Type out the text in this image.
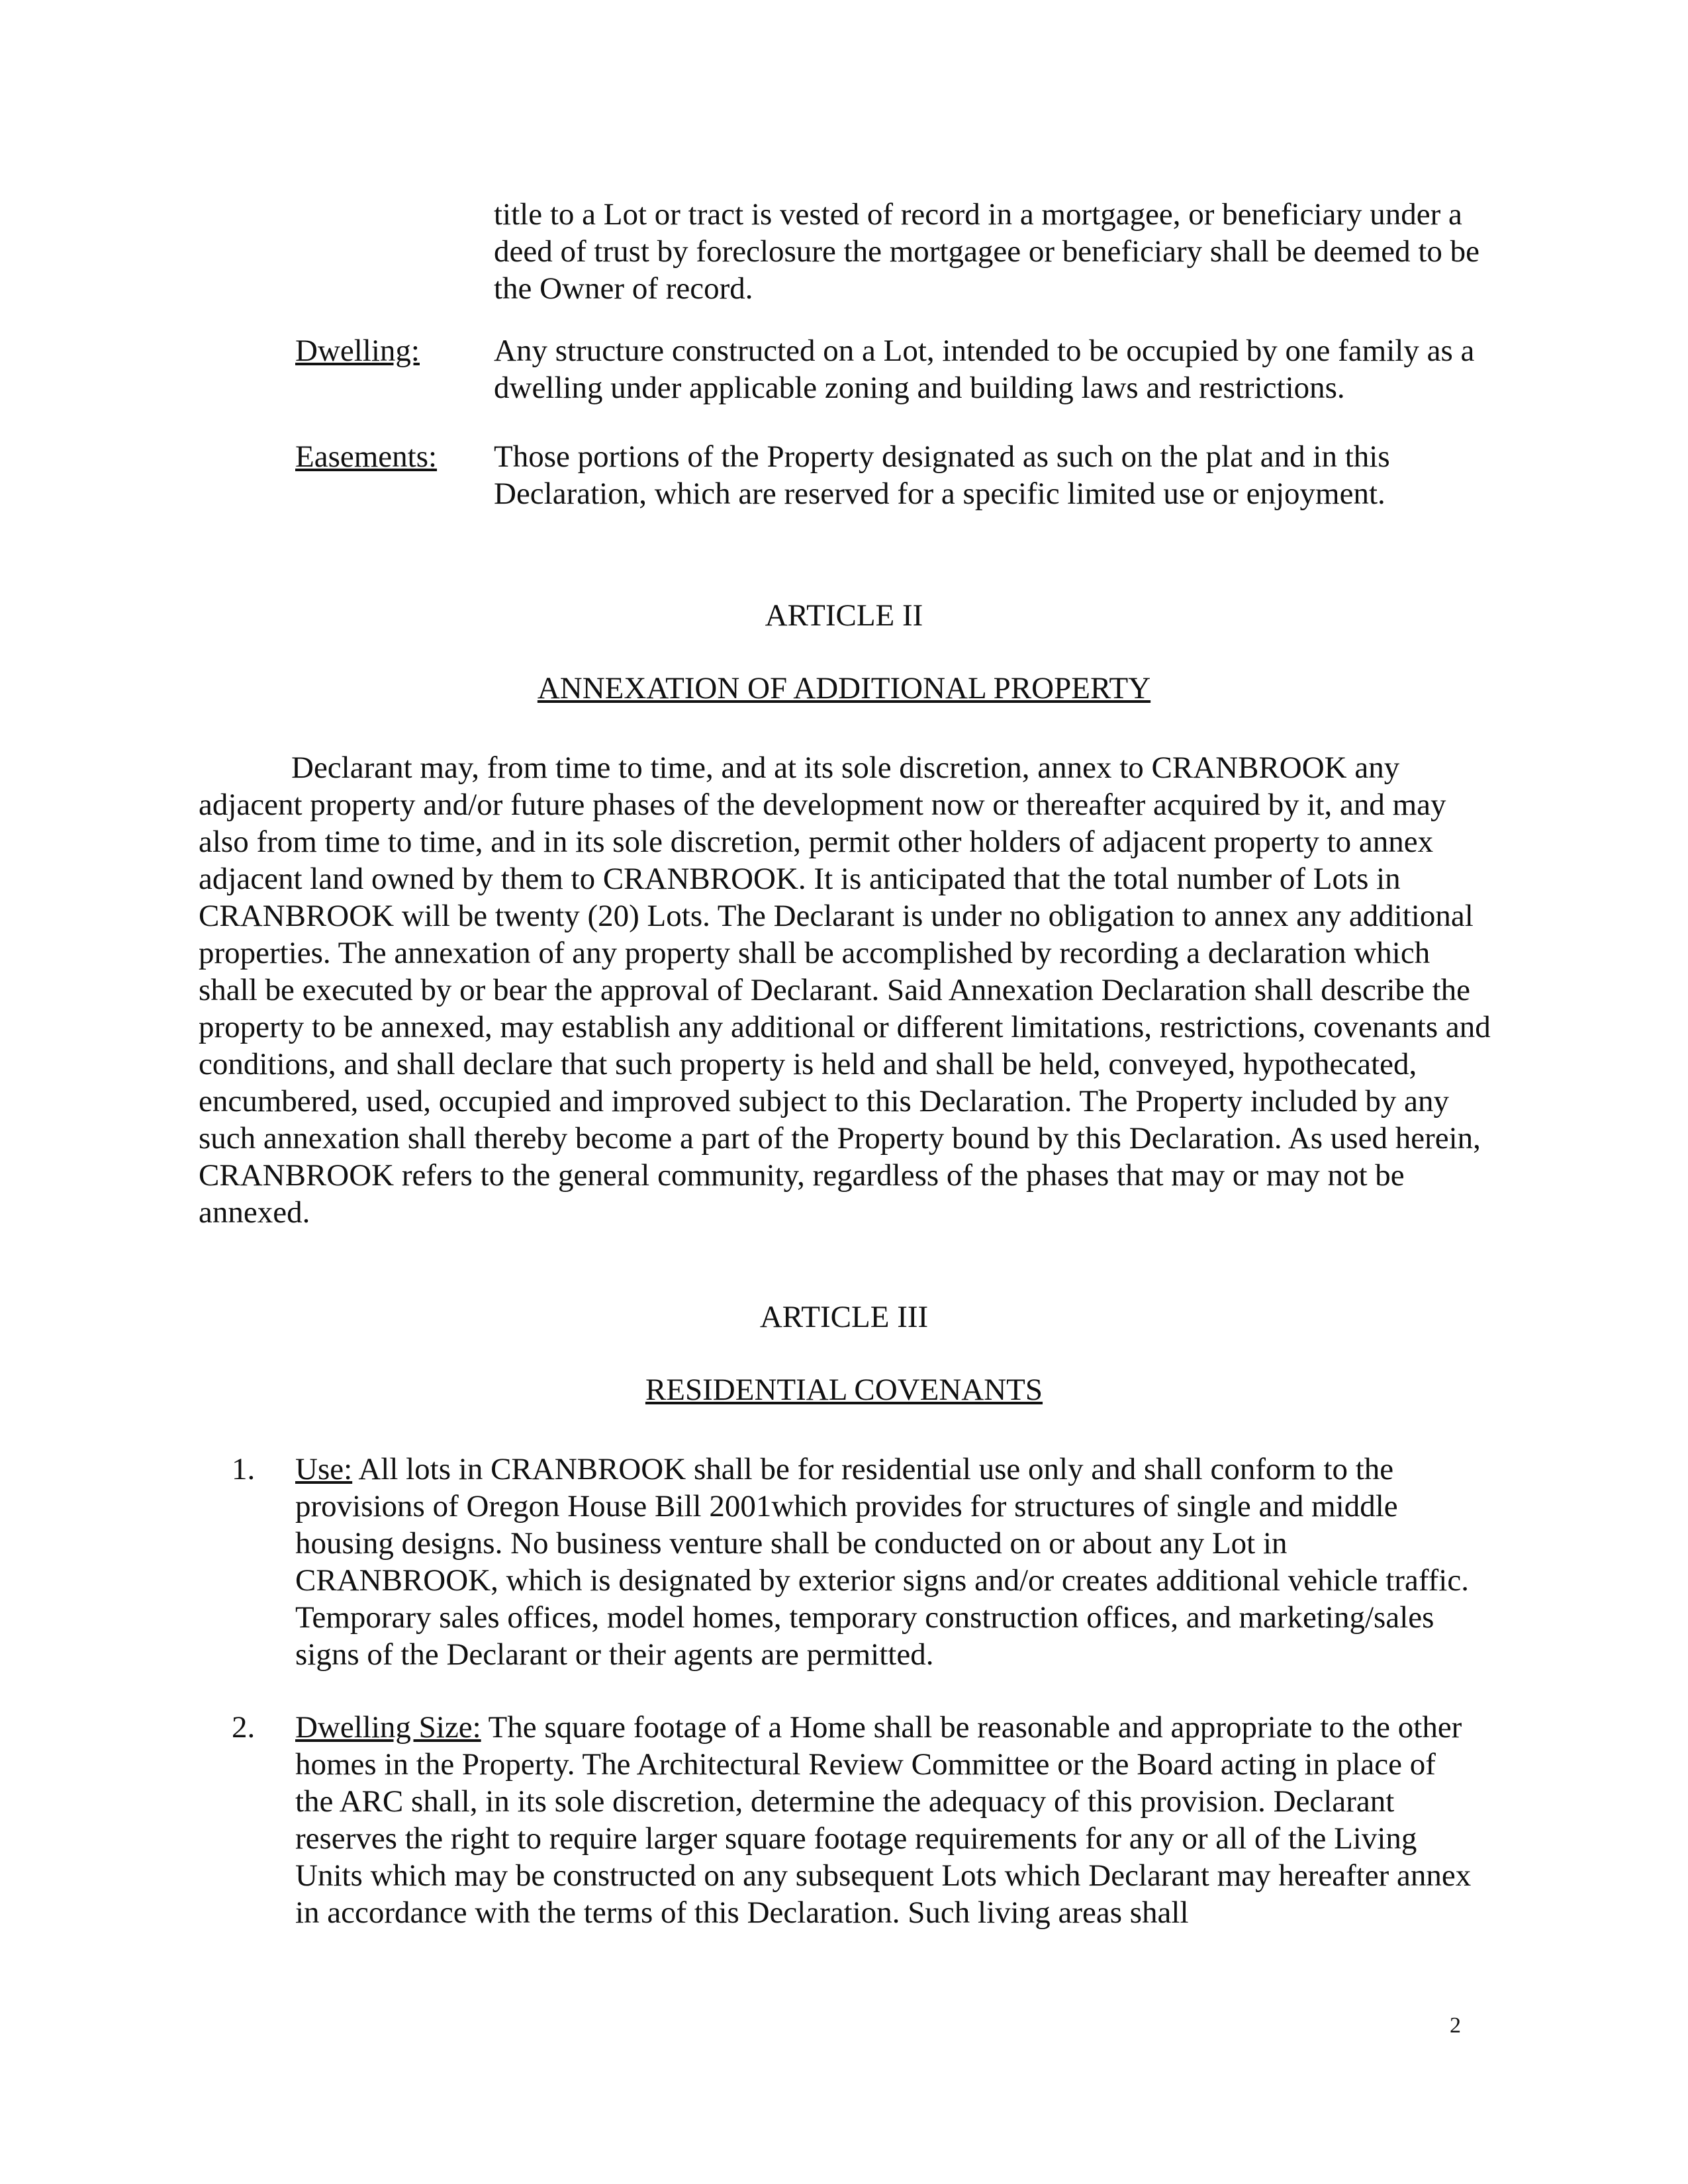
title to a Lot or tract is vested of record in a mortgagee, or beneficiary under a deed of trust by foreclosure the mortgagee or beneficiary shall be deemed to be the Owner of record.
Dwelling: Any structure constructed on a Lot, intended to be occupied by one family as a dwelling under applicable zoning and building laws and restrictions.
Easements: Those portions of the Property designated as such on the plat and in this Declaration, which are reserved for a specific limited use or enjoyment.
ARTICLE II
ANNEXATION OF ADDITIONAL PROPERTY
Declarant may, from time to time, and at its sole discretion, annex to CRANBROOK any adjacent property and/or future phases of the development now or thereafter acquired by it, and may also from time to time, and in its sole discretion, permit other holders of adjacent property to annex adjacent land owned by them to CRANBROOK. It is anticipated that the total number of Lots in CRANBROOK will be twenty (20) Lots. The Declarant is under no obligation to annex any additional properties. The annexation of any property shall be accomplished by recording a declaration which shall be executed by or bear the approval of Declarant. Said Annexation Declaration shall describe the property to be annexed, may establish any additional or different limitations, restrictions, covenants and conditions, and shall declare that such property is held and shall be held, conveyed, hypothecated, encumbered, used, occupied and improved subject to this Declaration. The Property included by any such annexation shall thereby become a part of the Property bound by this Declaration. As used herein, CRANBROOK refers to the general community, regardless of the phases that may or may not be annexed.
ARTICLE III
RESIDENTIAL COVENANTS
1. Use: All lots in CRANBROOK shall be for residential use only and shall conform to the provisions of Oregon House Bill 2001which provides for structures of single and middle housing designs. No business venture shall be conducted on or about any Lot in CRANBROOK, which is designated by exterior signs and/or creates additional vehicle traffic. Temporary sales offices, model homes, temporary construction offices, and marketing/sales signs of the Declarant or their agents are permitted.
2. Dwelling Size: The square footage of a Home shall be reasonable and appropriate to the other homes in the Property. The Architectural Review Committee or the Board acting in place of the ARC shall, in its sole discretion, determine the adequacy of this provision. Declarant reserves the right to require larger square footage requirements for any or all of the Living Units which may be constructed on any subsequent Lots which Declarant may hereafter annex in accordance with the terms of this Declaration. Such living areas shall
2
